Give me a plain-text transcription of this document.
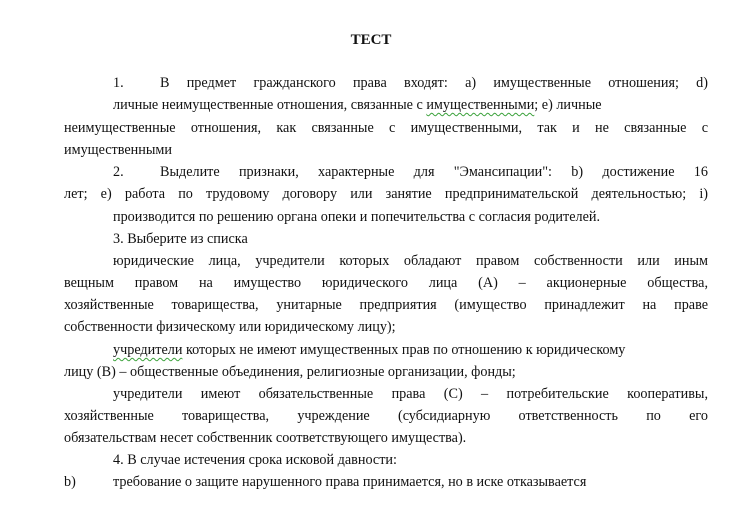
ТЕСТ
1.	В предмет гражданского права входят: а) имущественные отношения; d)
личные неимущественные отношения, связанные с имущественными; е) личные
неимущественные отношения, как связанные с имущественными, так и не связанные с
имущественными
2.	Выделите признаки, характерные для "Эмансипации": b) достижение 16
лет; е) работа по трудовому договору или занятие предпринимательской деятельностью; i)
производится по решению органа опеки и попечительства с согласия родителей.
3. Выберите из списка
юридические лица, учредители которых обладают правом собственности или иным
вещным правом на имущество юридического лица (А) – акционерные общества,
хозяйственные товарищества, унитарные предприятия (имущество принадлежит на праве
собственности физическому или юридическому лицу);
учредители которых не имеют имущественных прав по отношению к юридическому
лицу (В) – общественные объединения, религиозные организации, фонды;
учредители имеют обязательственные права (С) – потребительские кооперативы,
хозяйственные товарищества, учреждение (субсидиарную ответственность по его
обязательствам несет собственник соответствующего имущества).
4. В случае истечения срока исковой давности:
b)	требование о защите нарушенного права принимается, но в иске отказывается
